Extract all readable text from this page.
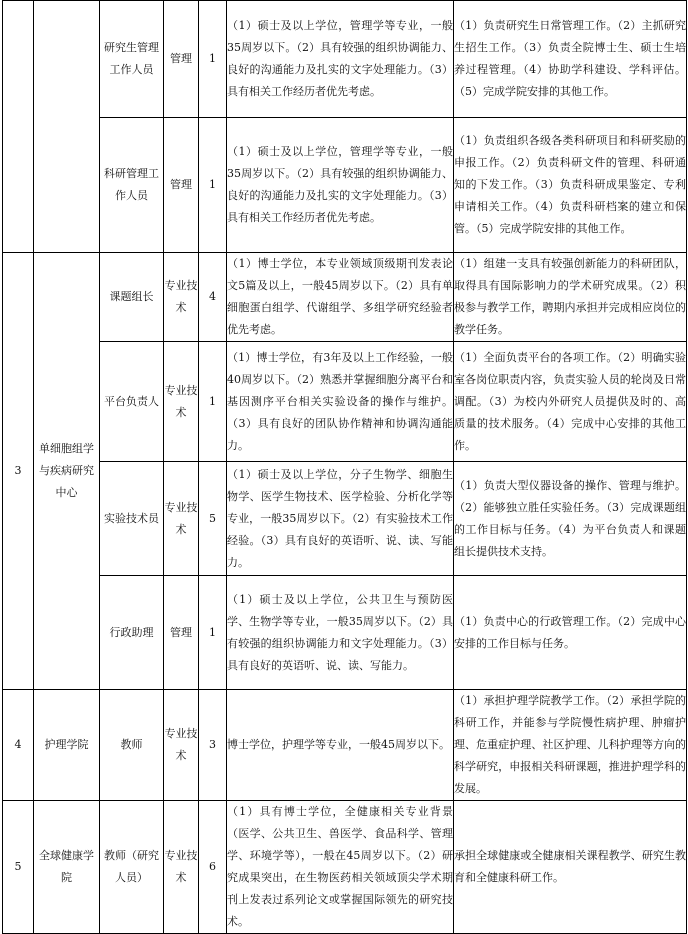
		研究生管理工作人员	管理	1	（1）硕士及以上学位，管理学等专业，一般35周岁以下。（2）具有较强的组织协调能力、良好的沟通能力及扎实的文字处理能力。（3）具有相关工作经历者优先考虑。	（1）负责研究生日常管理工作。（2）主抓研究生招生工作。（3）负责全院博士生、硕士生培养过程管理。（4）协助学科建设、学科评估。（5）完成学院安排的其他工作。
		科研管理工作人员	管理	1	（1）硕士及以上学位，管理学等专业，一般35周岁以下。（2）具有较强的组织协调能力、良好的沟通能力及扎实的文字处理能力。（3）具有相关工作经历者优先考虑。	（1）负责组织各级各类科研项目和科研奖励的申报工作。（2）负责科研文件的管理、科研通知的下发工作。（3）负责科研成果鉴定、专利申请相关工作。（4）负责科研档案的建立和保管。（5）完成学院安排的其他工作。
3	单细胞组学与疾病研究中心	课题组长	专业技术	4	（1）博士学位，本专业领域顶级期刊发表论文5篇及以上，一般45周岁以下。（2）具有单细胞蛋白组学、代谢组学、多组学研究经验者优先考虑。	（1）组建一支具有较强创新能力的科研团队，取得具有国际影响力的学术研究成果。（2）积极参与教学工作，聘期内承担并完成相应岗位的教学任务。
		平台负责人	专业技术	1	（1）博士学位，有3年及以上工作经验，一般40周岁以下。（2）熟悉并掌握细胞分离平台和基因测序平台相关实验设备的操作与维护。（3）具有良好的团队协作精神和协调沟通能力。	（1）全面负责平台的各项工作。（2）明确实验室各岗位职责内容，负责实验人员的轮岗及日常调配。（3）为校内外研究人员提供及时的、高质量的技术服务。（4）完成中心安排的其他工作。
		实验技术员	专业技术	5	（1）硕士及以上学位，分子生物学、细胞生物学、医学生物技术、医学检验、分析化学等专业，一般35周岁以下。（2）有实验技术工作经验。（3）具有良好的英语听、说、读、写能力。	（1）负责大型仪器设备的操作、管理与维护。（2）能够独立胜任实验任务。（3）完成课题组的工作目标与任务。（4）为平台负责人和课题组长提供技术支持。
		行政助理	管理	1	（1）硕士及以上学位，公共卫生与预防医学、生物学等专业，一般35周岁以下。（2）具有较强的组织协调能力和文字处理能力。（3）具有良好的英语听、说、读、写能力。	（1）负责中心的行政管理工作。（2）完成中心安排的工作目标与任务。
4	护理学院	教师	专业技术	3	博士学位，护理学等专业，一般45周岁以下。	（1）承担护理学院教学工作。（2）承担学院的科研工作，并能参与学院慢性病护理、肿瘤护理、危重症护理、社区护理、儿科护理等方向的科学研究，申报相关科研课题，推进护理学科的发展。
5	全球健康学院	教师（研究人员）	专业技术	6	（1）具有博士学位，全健康相关专业背景（医学、公共卫生、兽医学、食品科学、管理学、环境学等），一般在45周岁以下。（2）研究成果突出，在生物医药相关领域顶尖学术期刊上发表过系列论文或掌握国际领先的研究技术。	承担全球健康或全健康相关课程教学、研究生教育和全健康科研工作。
